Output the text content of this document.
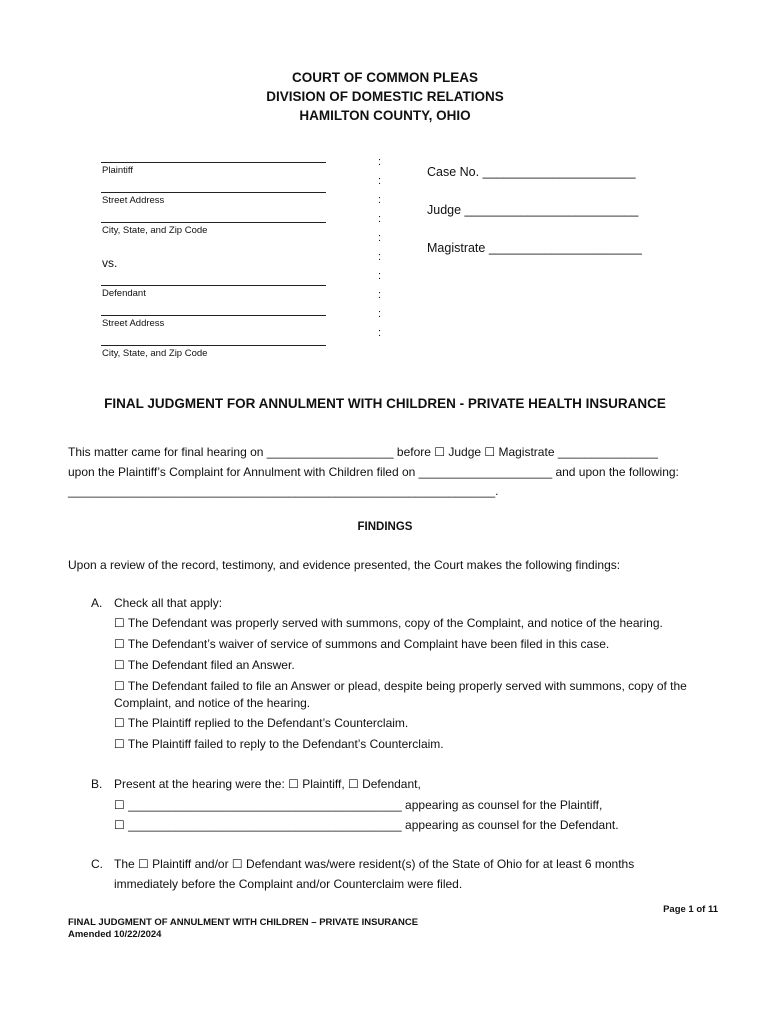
COURT OF COMMON PLEAS
DIVISION OF DOMESTIC RELATIONS
HAMILTON COUNTY, OHIO
Plaintiff
Street Address
City, State, and Zip Code
vs.
Defendant
Street Address
City, State, and Zip Code
:
:
:
:
:
:
:
:
:
:
Case No. ______________________
Judge _________________________
Magistrate ______________________
FINAL JUDGMENT FOR ANNULMENT WITH CHILDREN - PRIVATE HEALTH INSURANCE
This matter came for final hearing on ___________________ before ☐ Judge ☐ Magistrate _______________
upon the Plaintiff’s Complaint for Annulment with Children filed on ____________________ and upon the following:
________________________________________________________________.
FINDINGS
Upon a review of the record, testimony, and evidence presented, the Court makes the following findings:
A. Check all that apply:
☐ The Defendant was properly served with summons, copy of the Complaint, and notice of the hearing.
☐ The Defendant’s waiver of service of summons and Complaint have been filed in this case.
☐ The Defendant filed an Answer.
☐ The Defendant failed to file an Answer or plead, despite being properly served with summons, copy of the
Complaint, and notice of the hearing.
☐ The Plaintiff replied to the Defendant’s Counterclaim.
☐ The Plaintiff failed to reply to the Defendant’s Counterclaim.
B. Present at the hearing were the: ☐ Plaintiff, ☐ Defendant,
☐ _________________________________________ appearing as counsel for the Plaintiff,
☐ _________________________________________ appearing as counsel for the Defendant.
C. The ☐ Plaintiff and/or ☐ Defendant was/were resident(s) of the State of Ohio for at least 6 months
immediately before the Complaint and/or Counterclaim were filed.
Page 1 of 11
FINAL JUDGMENT OF ANNULMENT WITH CHILDREN – PRIVATE INSURANCE
Amended 10/22/2024
